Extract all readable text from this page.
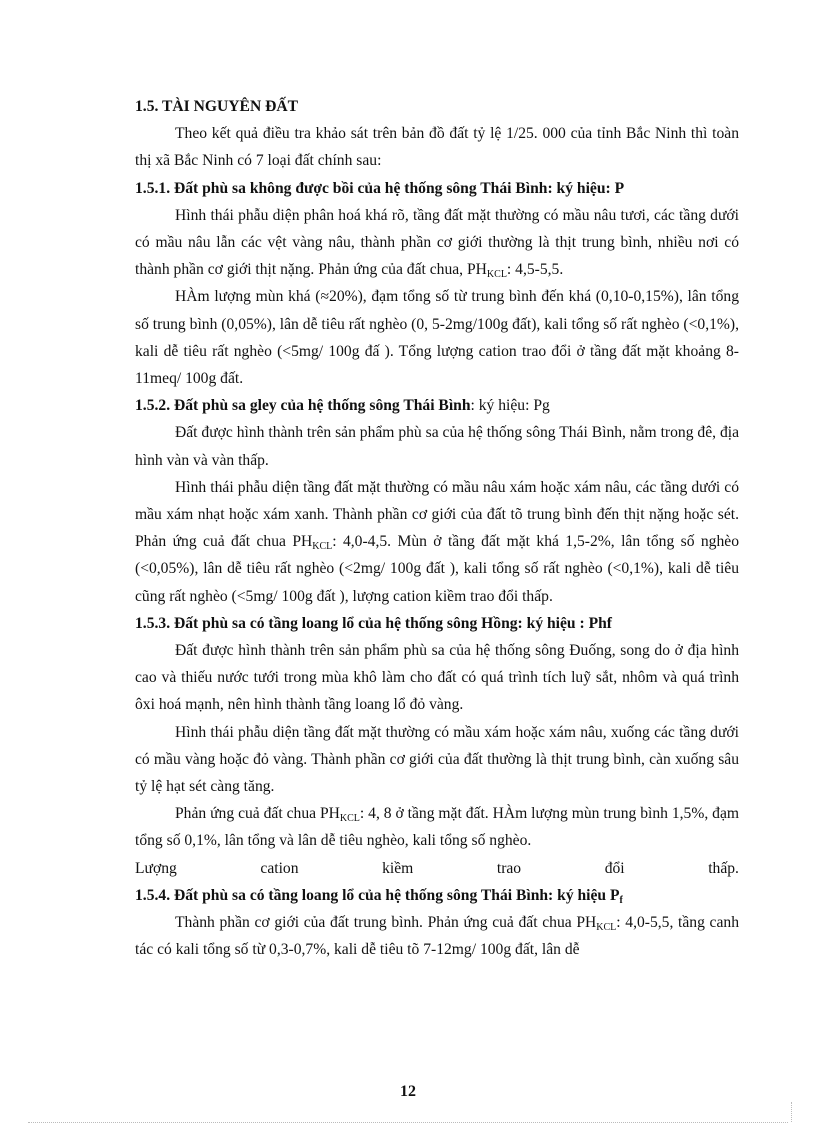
1.5. TÀI NGUYÊN ĐẤT

Theo kết quả điều tra khảo sát trên bản đồ đất tỷ lệ 1/25. 000 của tỉnh Bắc Ninh thì toàn thị xã Bắc Ninh có 7 loại đất chính sau:

1.5.1. Đất phù sa không được bồi của hệ thống sông Thái Bình: ký hiệu: P

Hình thái phẫu diện phân hoá khá rõ, tầng đất mặt thường có mầu nâu tươi, các tầng dưới có mầu nâu lẫn các vệt vàng nâu, thành phần cơ giới thường là thịt trung bình, nhiều nơi có thành phần cơ giới thịt nặng. Phản ứng của đất chua, $PH_{KCL}$: 4,5-5,5.

HÀm lượng mùn khá (≈20%), đạm tổng số từ trung bình đến khá (0,10-0,15%), lân tổng số trung bình (0,05%), lân dễ tiêu rất nghèo (0, 5-2mg/100g đất), kali tổng số rất nghèo (<0,1%), kali dễ tiêu rất nghèo (<5mg/ 100g đấ ). Tổng lượng cation trao đổi ở tầng đất mặt khoảng 8-11meq/ 100g đất.

1.5.2. Đất phù sa gley của hệ thống sông Thái Bình: ký hiệu: Pg

Đất được hình thành trên sản phẩm phù sa của hệ thống sông Thái Bình, nằm trong đê, địa hình vàn và vàn thấp.

Hình thái phẫu diện tầng đất mặt thường có mầu nâu xám hoặc xám nâu, các tầng dưới có mầu xám nhạt hoặc xám xanh. Thành phần cơ giới của đất tõ trung bình đến thịt nặng hoặc sét. Phản ứng cuả đất chua $PH_{KCL}$: 4,0-4,5. Mùn ở tầng đất mặt khá 1,5-2%, lân tổng số nghèo (<0,05%), lân dễ tiêu rất nghèo (<2mg/ 100g đất ), kali tổng số rất nghèo (<0,1%), kali dễ tiêu cũng rất nghèo (<5mg/ 100g đất ), lượng cation kiềm trao đổi thấp.

1.5.3. Đất phù sa có tầng loang lổ của hệ thống sông Hồng: ký hiệu : Phf

Đất được hình thành trên sản phẩm phù sa của hệ thống sông Đuống, song do ở địa hình cao và thiếu nước tưới trong mùa khô làm cho đất có quá trình tích luỹ sắt, nhôm và quá trình ôxi hoá mạnh, nên hình thành tầng loang lổ đỏ vàng.

Hình thái phẫu diện tầng đất mặt thường có mầu xám hoặc xám nâu, xuống các tầng dưới có mầu vàng hoặc đỏ vàng. Thành phần cơ giới của đất thường là thịt trung bình, càn xuống sâu tỷ lệ hạt sét càng tăng.

Phản ứng cuả đất chua $PH_{KCL}$: 4, 8 ở tầng mặt đất. HÀm lượng mùn trung bình 1,5%, đạm tổng số 0,1%, lân tổng và lân dễ tiêu nghèo, kali tổng số nghèo.

Lượng	cation	kiềm	trao	đổi	thấp.

1.5.4. Đất phù sa có tầng loang lổ của hệ thống sông Thái Bình: ký hiệu $P_f$

Thành phần cơ giới của đất trung bình. Phản ứng cuả đất chua $PH_{KCL}$: 4,0-5,5, tầng canh tác có kali tổng số từ 0,3-0,7%, kali dễ tiêu tõ 7-12mg/ 100g đất, lân dễ

12
